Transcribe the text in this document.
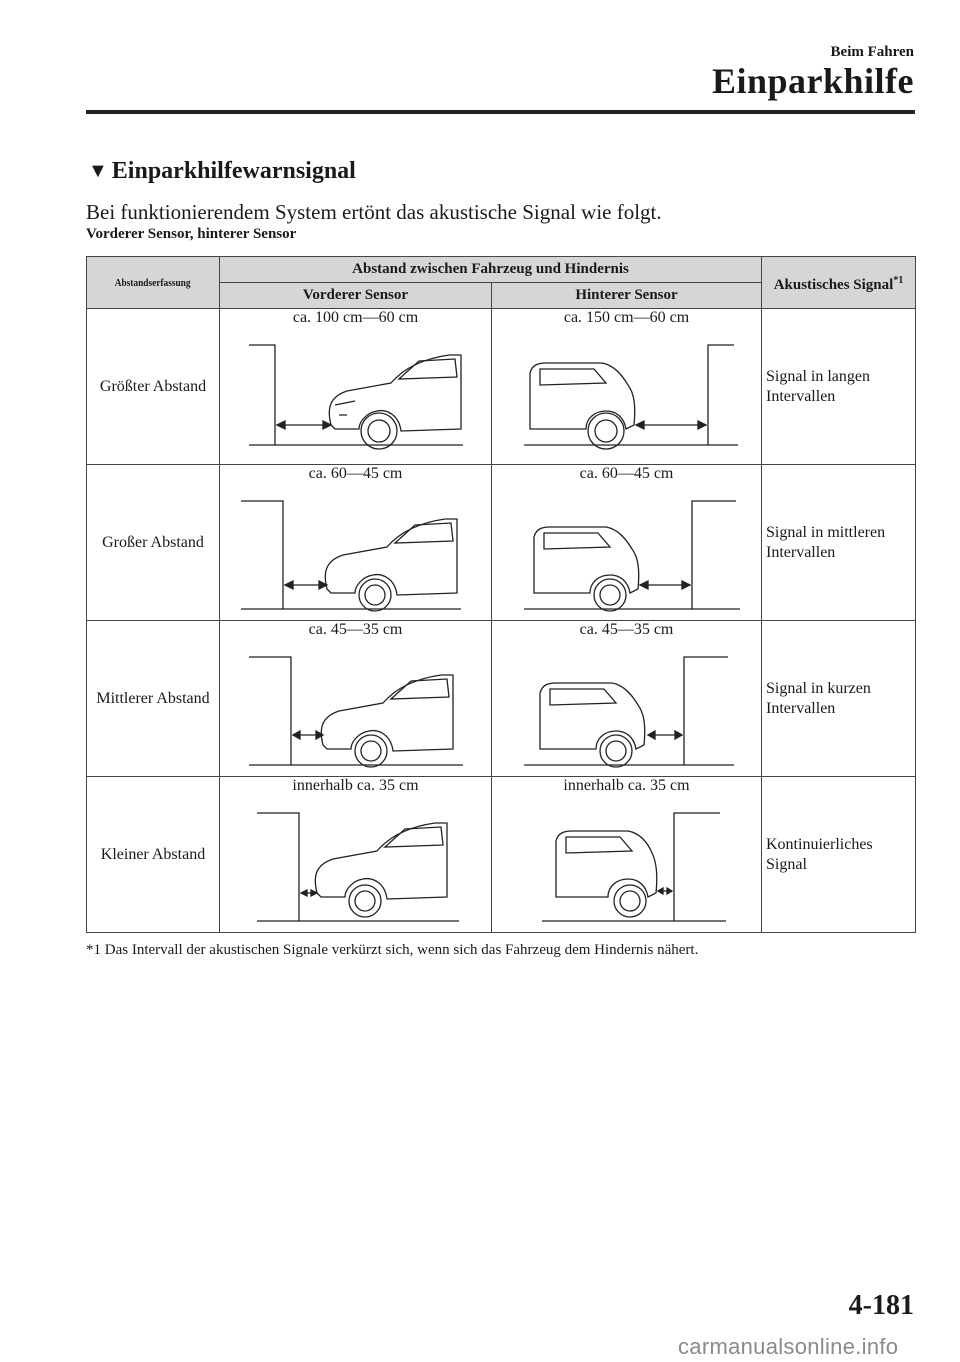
Beim Fahren
Einparkhilfe
▼ Einparkhilfewarnsignal
Bei funktionierendem System ertönt das akustische Signal wie folgt.
Vorderer Sensor, hinterer Sensor
Abstandserfassung	Abstand zwischen Fahrzeug und Hindernis		Akustisches Signal$^{*1}$
	Vorderer Sensor	Hinterer Sensor	
Größter Abstand	ca. 100 cm―60 cm	ca. 150 cm―60 cm	Signal in langen Intervallen
Großer Abstand	ca. 60―45 cm	ca. 60―45 cm	Signal in mittleren Intervallen
Mittlerer Abstand	ca. 45―35 cm	ca. 45―35 cm	Signal in kurzen Intervallen
Kleiner Abstand	innerhalb ca. 35 cm	innerhalb ca. 35 cm	Kontinuierliches Signal
*1 Das Intervall der akustischen Signale verkürzt sich, wenn sich das Fahrzeug dem Hindernis nähert.
4-181
carmanualsonline.info
